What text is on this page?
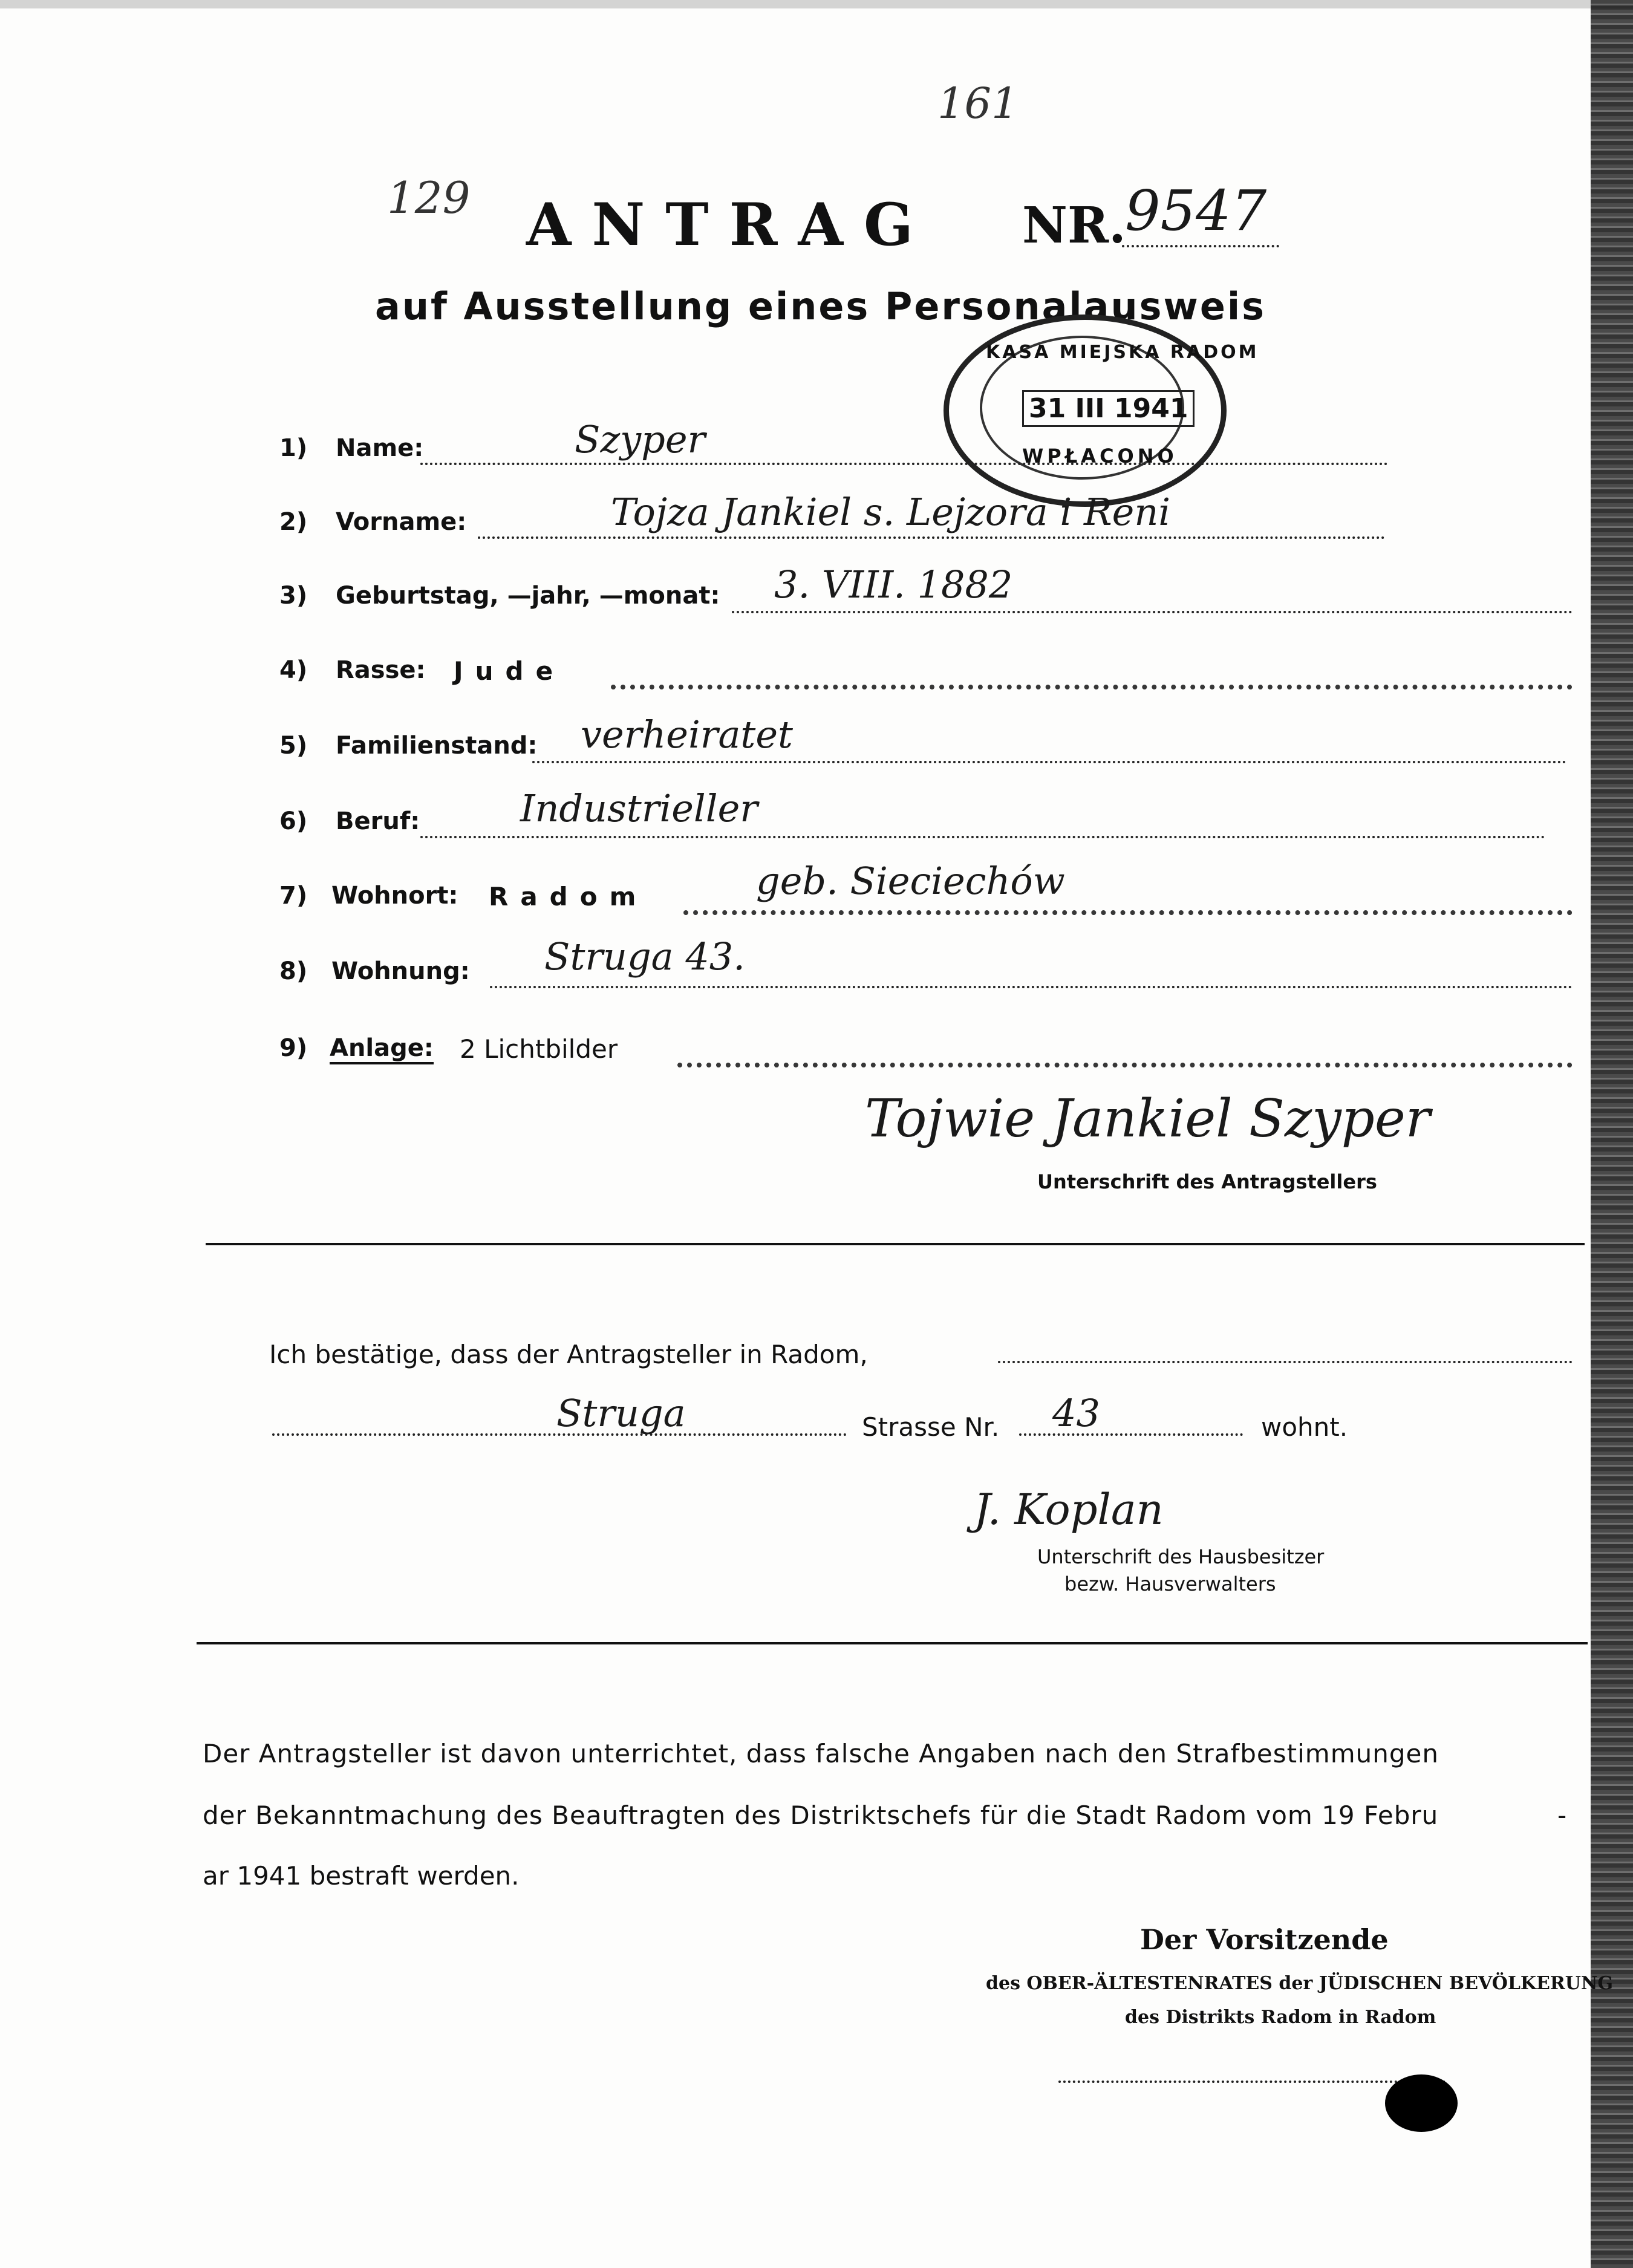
161
129 ANTRAG NR.
9547
auf Ausstellung eines Personalausweis
KASA MIEJSKA RADOM
31 III 1941
WPŁACONO
1) Name:	Szyper
2) Vorname:	Tojza Jankiel s. Lejzora i Reni
3) Geburtstag, —jahr, —monat: 3. VIII. 1882
4) Rasse: Jude
5) Familienstand: verheiratet
6) Beruf:	Industrieller
7) Wohnort: Radom	geb. Sieciechów
8) Wohnung: Struga 43.
9) Anlage: 2 Lichtbilder
Tojwie Jankiel Szyper
Unterschrift des Antragstellers
Ich bestätige, dass der Antragsteller in Radom,
Struga	Strasse Nr. 43	wohnt.
J. Koplan
Unterschrift des Hausbesitzer
bezw. Hausverwalters
Der Antragsteller ist davon unterrichtet, dass falsche Angaben nach den Strafbestimmungen
der Bekanntmachung des Beauftragten des Distriktschefs für die Stadt Radom vom 19 Febru	-
ar 1941 bestraft werden.
Der Vorsitzende
des OBER-ÄLTESTENRATES der JÜDISCHEN BEVÖLKERUNG
des Distrikts Radom in Radom
